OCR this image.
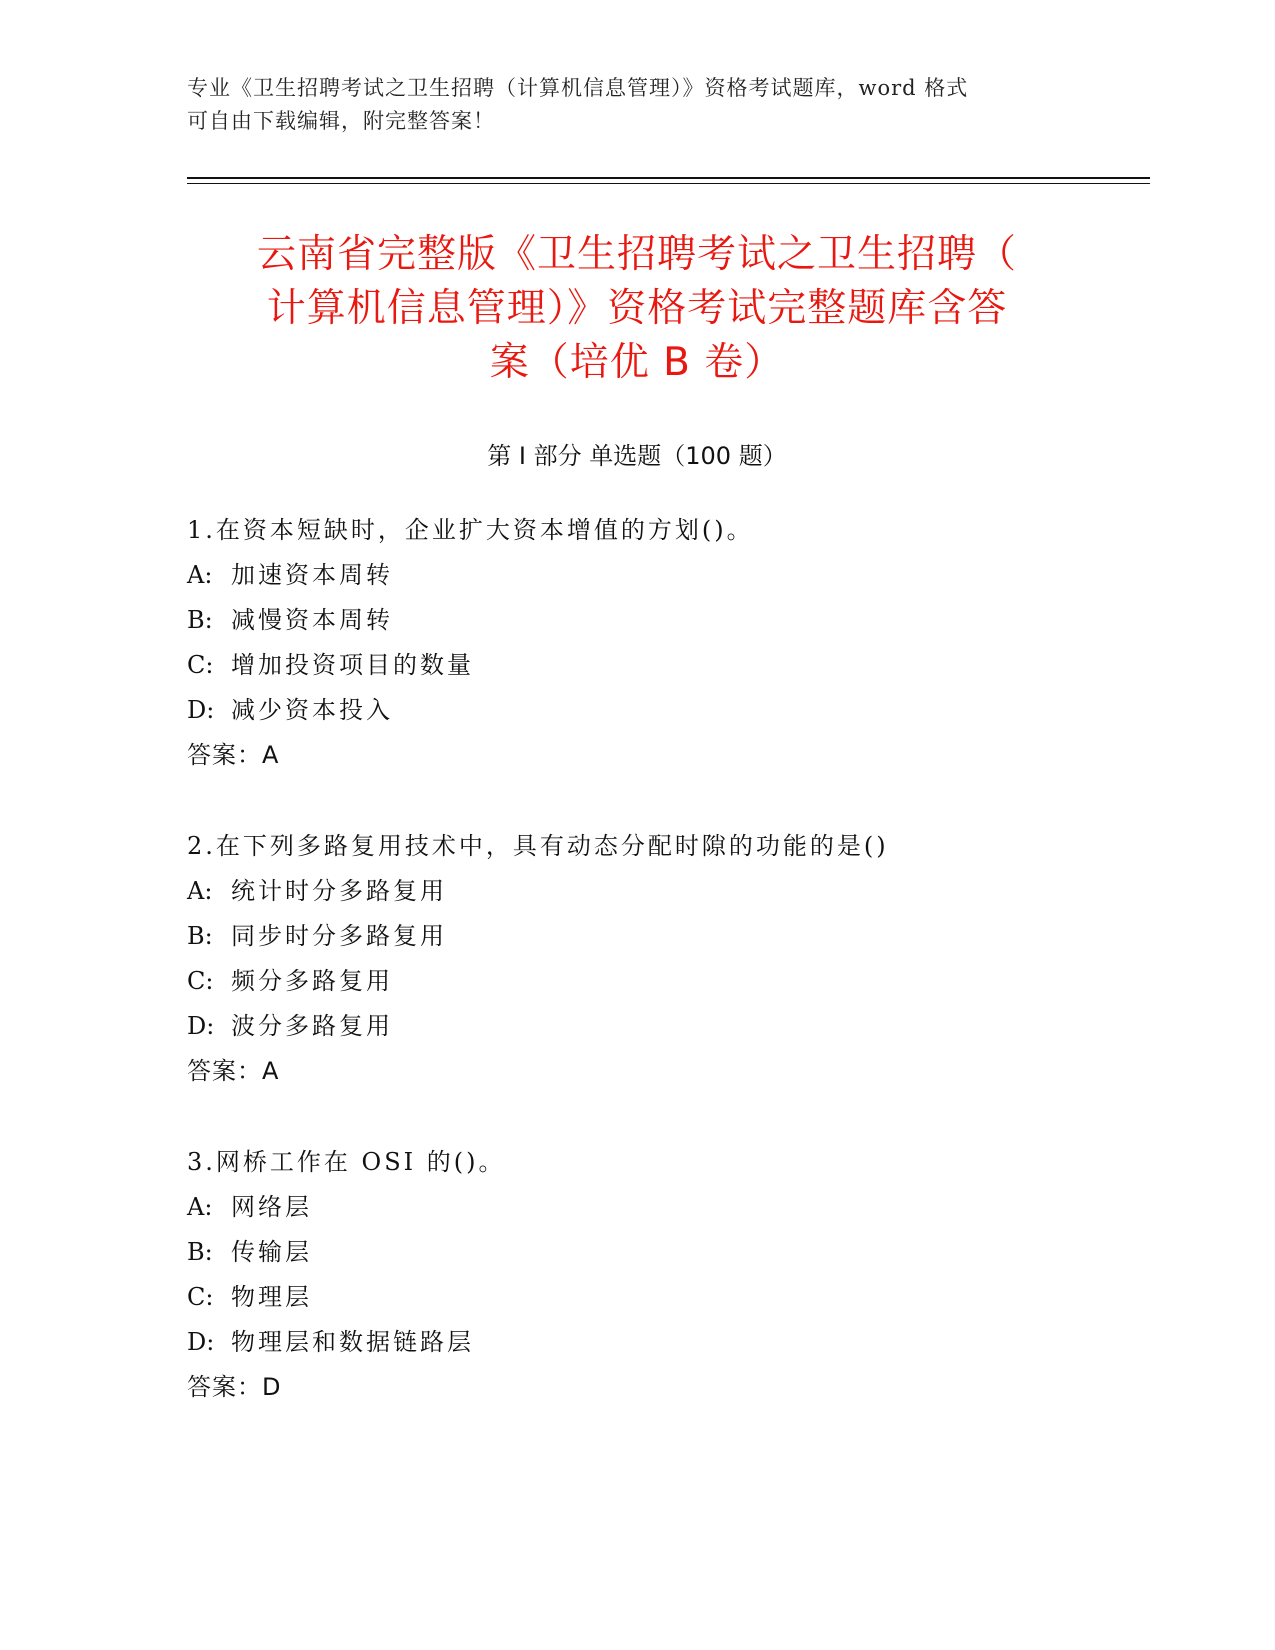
专业《卫生招聘考试之卫生招聘（计算机信息管理）》资格考试题库，word 格式
可自由下载编辑，附完整答案！
云南省完整版《卫生招聘考试之卫生招聘（
计算机信息管理）》资格考试完整题库含答
案（培优 B 卷）
第 I 部分 单选题（100 题）
1.在资本短缺时，企业扩大资本增值的方划()。
A: 加速资本周转
B: 减慢资本周转
C: 增加投资项目的数量
D: 减少资本投入
答案：A
2.在下列多路复用技术中，具有动态分配时隙的功能的是()
A: 统计时分多路复用
B: 同步时分多路复用
C: 频分多路复用
D: 波分多路复用
答案：A
3.网桥工作在 OSI 的()。
A: 网络层
B: 传输层
C: 物理层
D: 物理层和数据链路层
答案：D
